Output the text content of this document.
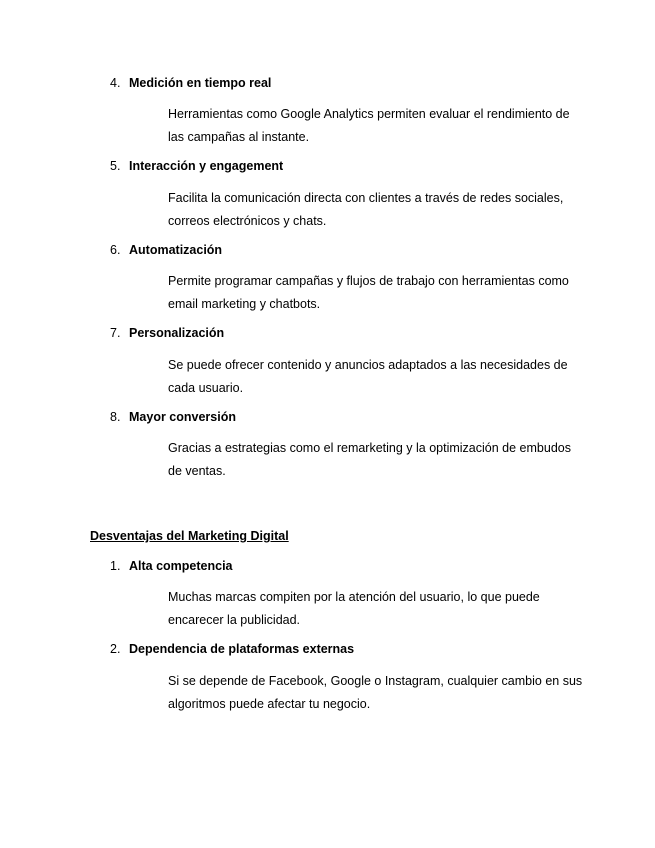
4. Medición en tiempo real
Herramientas como Google Analytics permiten evaluar el rendimiento de las campañas al instante.
5. Interacción y engagement
Facilita la comunicación directa con clientes a través de redes sociales, correos electrónicos y chats.
6. Automatización
Permite programar campañas y flujos de trabajo con herramientas como email marketing y chatbots.
7. Personalización
Se puede ofrecer contenido y anuncios adaptados a las necesidades de cada usuario.
8. Mayor conversión
Gracias a estrategias como el remarketing y la optimización de embudos de ventas.
Desventajas del Marketing Digital
1. Alta competencia
Muchas marcas compiten por la atención del usuario, lo que puede encarecer la publicidad.
2. Dependencia de plataformas externas
Si se depende de Facebook, Google o Instagram, cualquier cambio en sus algoritmos puede afectar tu negocio.
